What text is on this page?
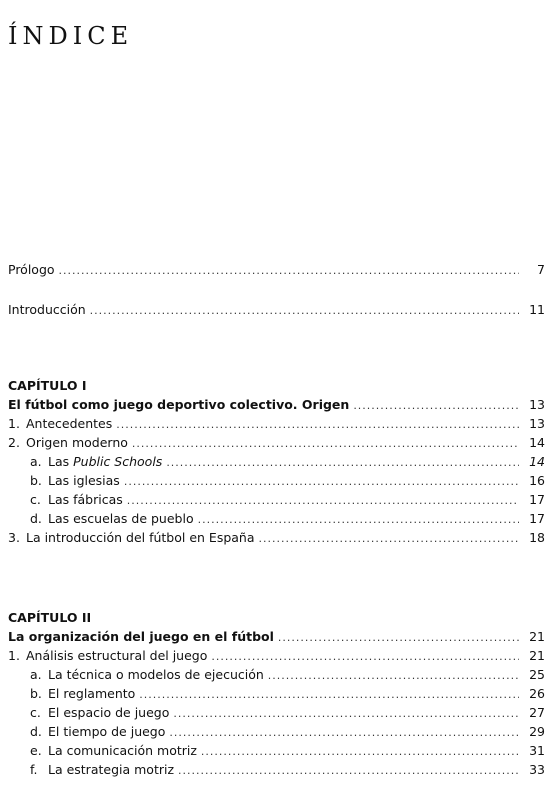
ÍNDICE
Prólogo .....	7
Introducción .....	11
CAPÍTULO I
El fútbol como juego deportivo colectivo. Origen .....	13
1. Antecedentes .....	13
2. Origen moderno .....	14
a. Las Public Schools .....	14
b. Las iglesias .....	16
c. Las fábricas .....	17
d. Las escuelas de pueblo .....	17
3. La introducción del fútbol en España .....	18
CAPÍTULO II
La organización del juego en el fútbol .....	21
1. Análisis estructural del juego .....	21
a. La técnica o modelos de ejecución .....	25
b. El reglamento .....	26
c. El espacio de juego .....	27
d. El tiempo de juego .....	29
e. La comunicación motriz .....	31
f. La estrategia motriz .....	33
